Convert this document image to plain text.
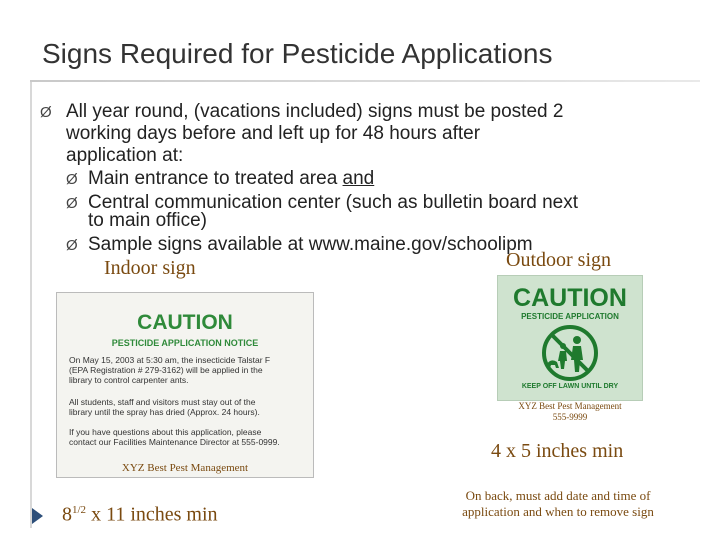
Signs Required for Pesticide Applications
Ø All year round, (vacations included) signs must be posted 2
working days before and left up for 48 hours after
application at:
Ø Main entrance to treated area and
Ø Central communication center (such as bulletin board next
to main office)
Ø Sample signs available at www.maine.gov/schoolipm
Indoor sign	Outdoor sign
CAUTION
PESTICIDE APPLICATION NOTICE
On May 15, 2003 at 5:30 am, the insecticide Talstar F
(EPA Registration # 279-3162) will be applied in the
library to control carpenter ants.
All students, staff and visitors must stay out of the
library until the spray has dried (Approx. 24 hours).
If you have questions about this application, please
contact our Facilities Maintenance Director at 555-0999.
XYZ Best Pest Management
CAUTION
PESTICIDE APPLICATION
KEEP OFF LAWN UNTIL DRY
XYZ Best Pest Management
555-9999
4 x 5 inches min
$8^{1/2}$ x 11 inches min
On back, must add date and time of
application and when to remove sign
